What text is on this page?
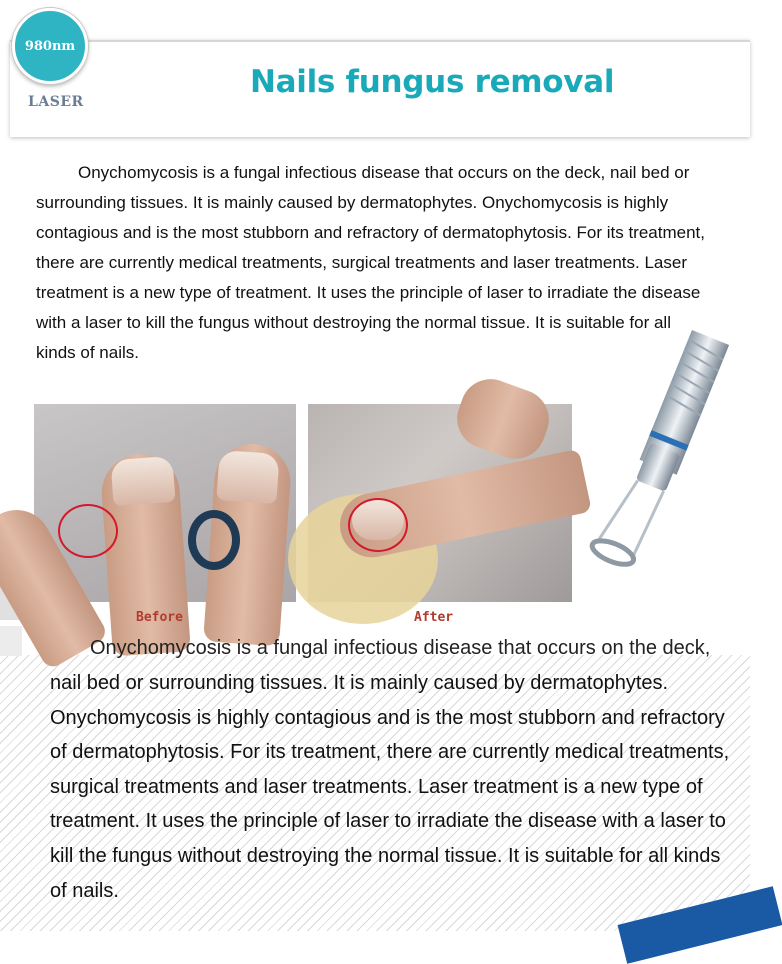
980nm
LASER
Nails fungus removal
Onychomycosis is a fungal infectious disease that occurs on the deck, nail bed or surrounding tissues. It is mainly caused by dermatophytes. Onychomycosis is highly contagious and is the most stubborn and refractory of dermatophytosis. For its treatment, there are currently medical treatments, surgical treatments and laser treatments. Laser treatment is a new type of treatment. It uses the principle of laser to irradiate the disease with a laser to kill the fungus without destroying the normal tissue. It is suitable for all kinds of nails.
Before	After
Onychomycosis is a fungal infectious disease that occurs on the deck,
nail bed or surrounding tissues. It is mainly caused by dermatophytes. Onychomycosis is highly contagious and is the most stubborn and refractory of dermatophytosis. For its treatment, there are currently medical treatments, surgical treatments and laser treatments. Laser treatment is a new type of treatment. It uses the principle of laser to irradiate the disease with a laser to kill the fungus without destroying the normal tissue. It is suitable for all kinds of nails.
